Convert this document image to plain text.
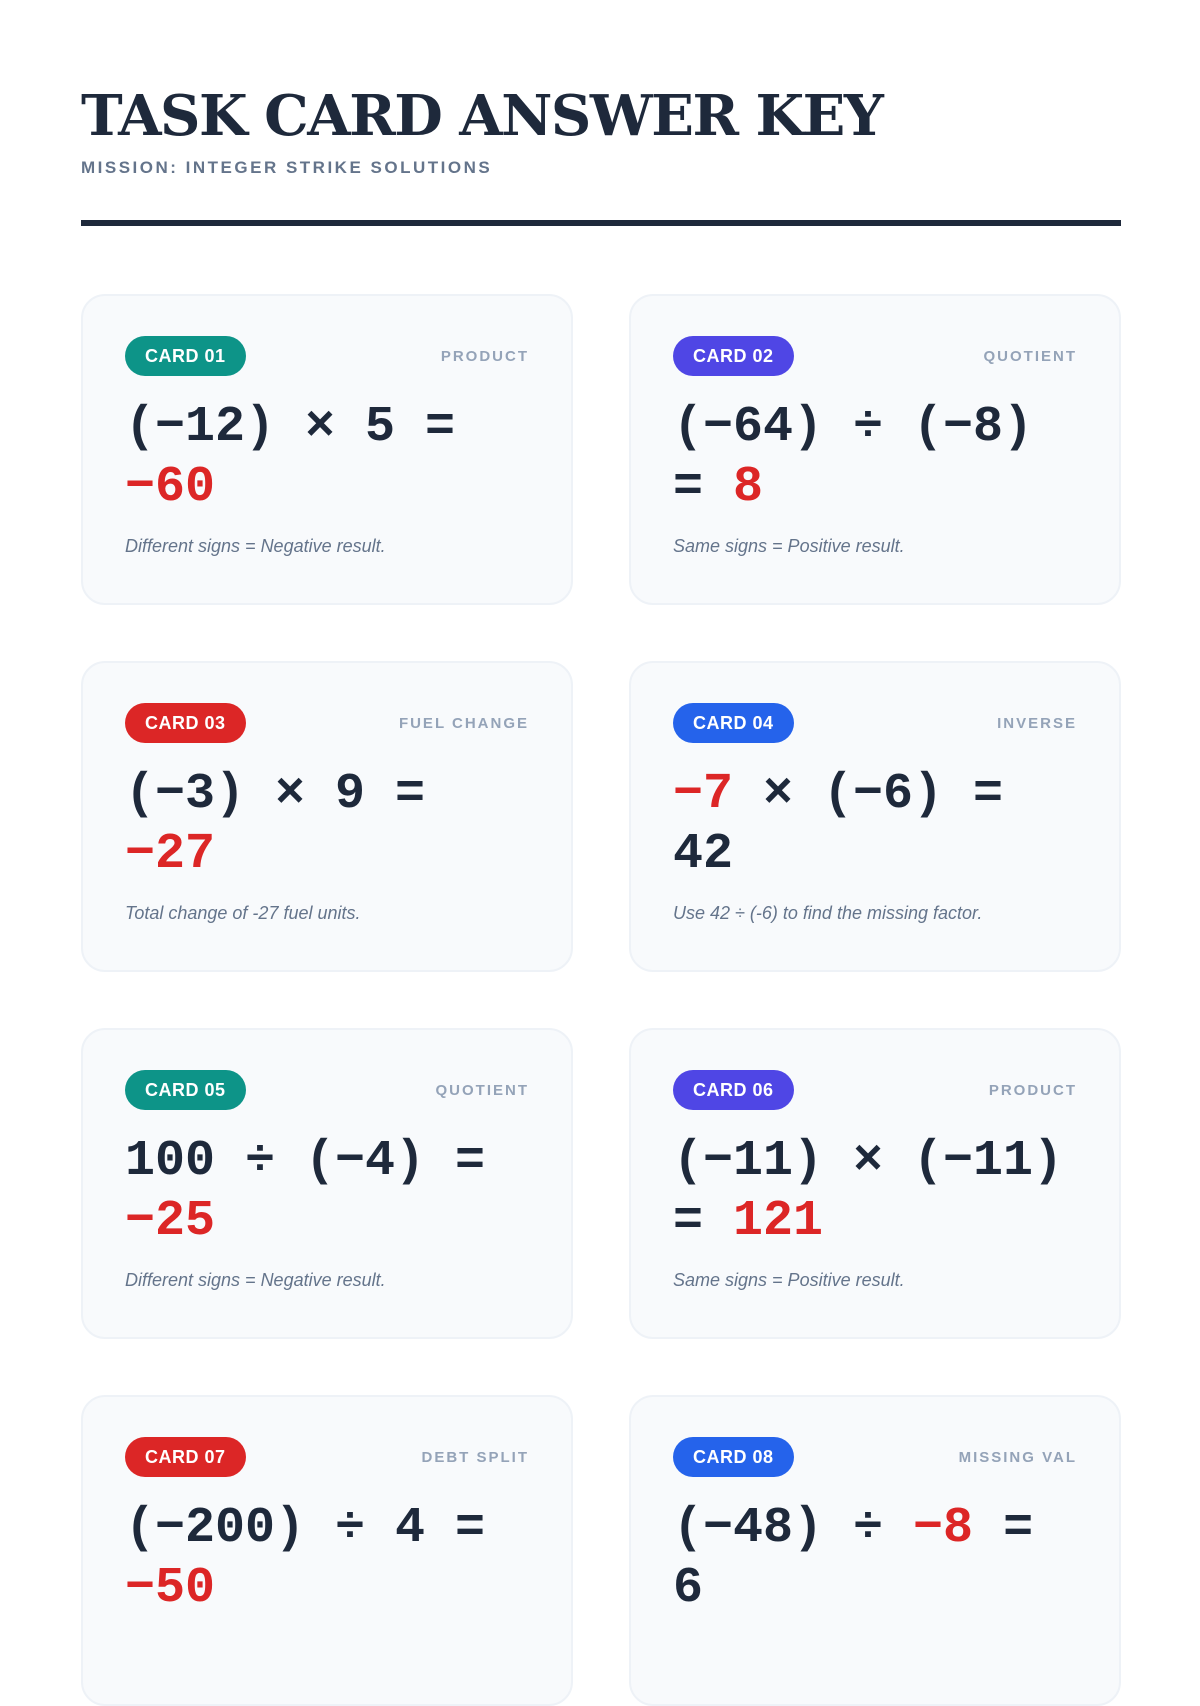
TASK CARD ANSWER KEY
MISSION: INTEGER STRIKE SOLUTIONS
CARD 01	PRODUCT
(−12) × 5 = −60
Different signs = Negative result.
CARD 02	QUOTIENT
(−64) ÷ (−8) = 8
Same signs = Positive result.
CARD 03	FUEL CHANGE
(−3) × 9 = −27
Total change of -27 fuel units.
CARD 04	INVERSE
−7 × (−6) = 42
Use 42 ÷ (-6) to find the missing factor.
CARD 05	QUOTIENT
100 ÷ (−4) = −25
Different signs = Negative result.
CARD 06	PRODUCT
(−11) × (−11) = 121
Same signs = Positive result.
CARD 07	DEBT SPLIT
(−200) ÷ 4 = −50
CARD 08	MISSING VAL
(−48) ÷ −8 = 6
